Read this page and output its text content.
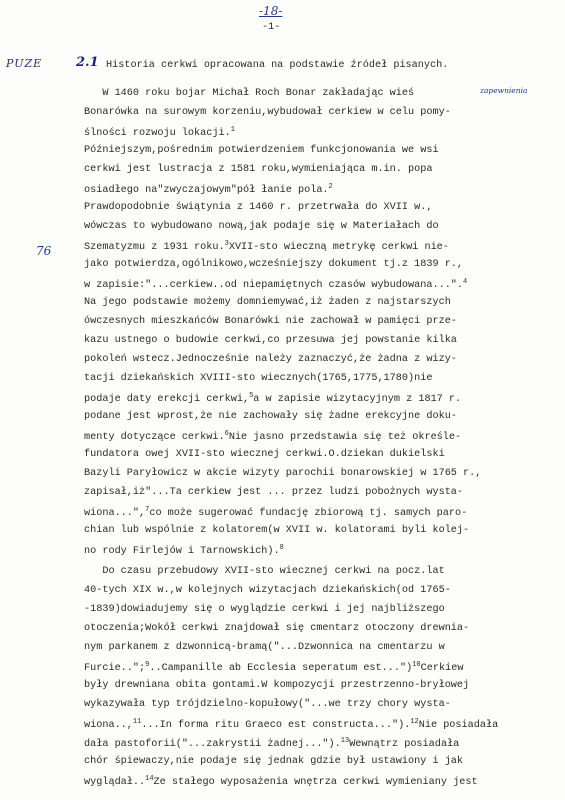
-18-
-1-
PUZE	2.1 Historia cerkwi opracowana na podstawie źródeł pisanych.
zapewnienia
76
W 1460 roku bojar Michał Roch Bonar zakładając wieś
Bonarówka na surowym korzeniu,wybudował cerkiew w celu pomy-
ślności rozwoju lokacji.$^1$
Późniejszym,pośrednim potwierdzeniem funkcjonowania we wsi
cerkwi jest lustracja z 1581 roku,wymieniająca m.in. popa
osiadłego na"zwyczajowym"pół łanie pola.$^2$
Prawdopodobnie świątynia z 1460 r. przetrwała do XVII w.,
wówczas to wybudowano nową,jak podaje się w Materiałach do
Szematyzmu z 1931 roku.$^3$XVII-sto wieczną metrykę cerkwi nie-
jako potwierdza,ogólnikowo,wcześniejszy dokument tj.z 1839 r.,
w zapisie:"...cerkiew..od niepamiętnych czasów wybudowana...".$^4$
Na jego podstawie możemy domniemywać,iż żaden z najstarszych
ówczesnych mieszkańców Bonarówki nie zachował w pamięci prze-
kazu ustnego o budowie cerkwi,co przesuwa jej powstanie kilka
pokoleń wstecz.Jednocześnie należy zaznaczyć,że żadna z wizy-
tacji dziekańskich XVIII-sto wiecznych(1765,1775,1780)nie
podaje daty erekcji cerkwi,$^5$a w zapisie wizytacyjnym z 1817 r.
podane jest wprost,że nie zachowały się żadne erekcyjne doku-
menty dotyczące cerkwi.$^6$Nie jasno przedstawia się też określe-
fundatora owej XVII-sto wiecznej cerkwi.O.dziekan dukielski
Bazyli Paryłowicz w akcie wizyty parochii bonarowskiej w 1765 r.,
zapisał,iż"...Ta cerkiew jest ... przez ludzi pobożnych wysta-
wiona...",$^7$co może sugerować fundację zbiorową tj. samych paro-
chian lub wspólnie z kolatorem(w XVII w. kolatorami byli kolej-
no rody Firlejów i Tarnowskich).$^8$
Do czasu przebudowy XVII-sto wiecznej cerkwi na pocz.lat
40-tych XIX w.,w kolejnych wizytacjach dziekańskich(od 1765-
-1839)dowiadujemy się o wyglądzie cerkwi i jej najbliższego
otoczenia;Wokół cerkwi znajdował się cmentarz otoczony drewnia-
nym parkanem z dzwonnicą-bramą("...Dzwonnica na cmentarzu w
Furcie..";$^9$..Campanille ab Ecclesia seperatum est...")$^{10}$Cerkiew
były drewniana obita gontami.W kompozycji przestrzenno-bryłowej
wykazywała typ trójdzielno-kopułowy("...we trzy chory wysta-
wiona..,$^{11}$...In forma ritu Graeco est constructa...").$^{12}$Nie posiadała
dała pastoforii("...zakrystii żadnej...").$^{13}$Wewnątrz posiadała
chór śpiewaczy,nie podaje się jednak gdzie był ustawiony i jak
wyglądał..$^{14}$Ze stałego wyposażenia wnętrza cerkwi wymieniany jest
